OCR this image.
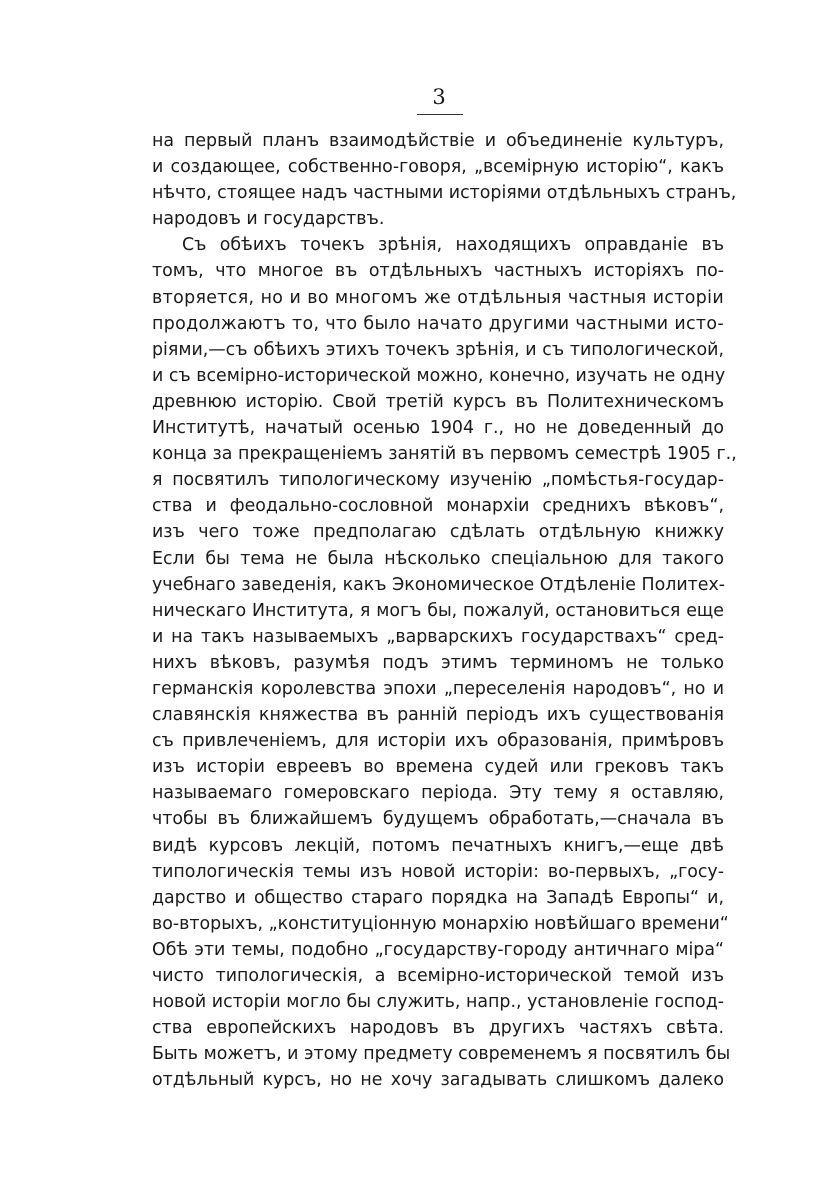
3
на первый планъ взаимодѣйствіе и объединеніе культуръ,
и создающее, собственно-говоря, „всемірную исторію“, какъ
нѣчто, стоящее надъ частными исторіями отдѣльныхъ странъ,
народовъ и государствъ.
Съ обѣихъ точекъ зрѣнія, находящихъ оправданіе въ
томъ, что многое въ отдѣльныхъ частныхъ исторіяхъ по-
вторяется, но и во многомъ же отдѣльныя частныя исторіи
продолжаютъ то, что было начато другими частными исто-
ріями,—съ обѣихъ этихъ точекъ зрѣнія, и съ типологической,
и съ всемірно-исторической можно, конечно, изучать не одну
древнюю исторію. Свой третій курсъ въ Политехническомъ
Институтѣ, начатый осенью 1904 г., но не доведенный до
конца за прекращеніемъ занятій въ первомъ семестрѣ 1905 г.,
я посвятилъ типологическому изученію „помѣстья-государ-
ства и феодально-сословной монархіи среднихъ вѣковъ“,
изъ чего тоже предполагаю сдѣлать отдѣльную книжку
Если бы тема не была нѣсколько спеціальною для такого
учебнаго заведенія, какъ Экономическое Отдѣленіе Политех-
ническаго Института, я могъ бы, пожалуй, остановиться еще
и на такъ называемыхъ „варварскихъ государствахъ“ сред-
нихъ вѣковъ, разумѣя подъ этимъ терминомъ не только
германскія королевства эпохи „переселенія народовъ“, но и
славянскія княжества въ ранній періодъ ихъ существованія
съ привлеченіемъ, для исторіи ихъ образованія, примѣровъ
изъ исторіи евреевъ во времена судей или грековъ такъ
называемаго гомеровскаго періода. Эту тему я оставляю,
чтобы въ ближайшемъ будущемъ обработать,—сначала въ
видѣ курсовъ лекцій, потомъ печатныхъ книгъ,—еще двѣ
типологическія темы изъ новой исторіи: во-первыхъ, „госу-
дарство и общество стараго порядка на Западѣ Европы“ и,
во-вторыхъ, „конституціонную монархію новѣйшаго времени“
Обѣ эти темы, подобно „государству-городу античнаго міра“
чисто типологическія, а всемірно-исторической темой изъ
новой исторіи могло бы служить, напр., установленіе господ-
ства европейскихъ народовъ въ другихъ частяхъ свѣта.
Быть можетъ, и этому предмету современемъ я посвятилъ бы
отдѣльный курсъ, но не хочу загадывать слишкомъ далеко
